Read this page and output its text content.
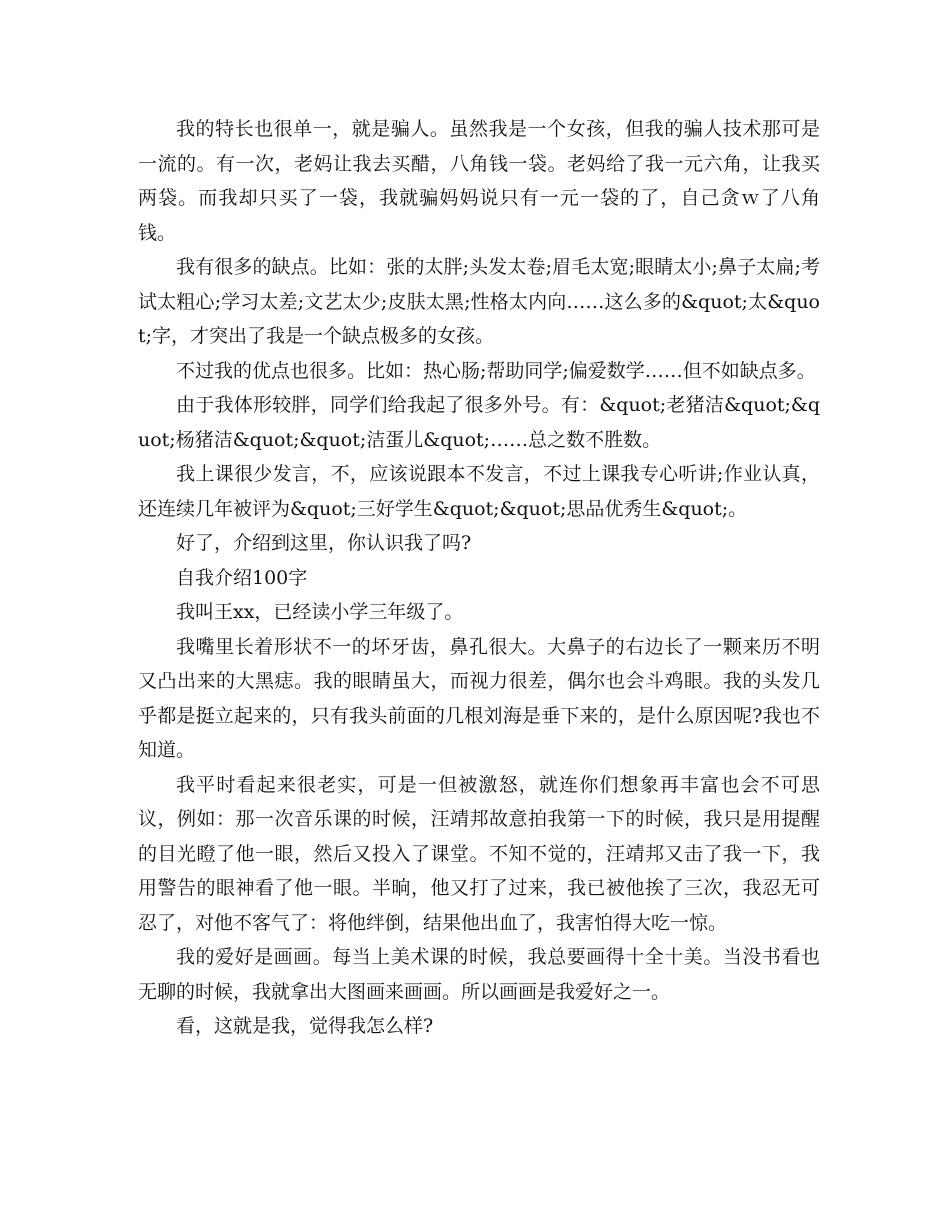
我的特长也很单一，就是骗人。虽然我是一个女孩，但我的骗人技术那可是一流的。有一次，老妈让我去买醋，八角钱一袋。老妈给了我一元六角，让我买两袋。而我却只买了一袋，我就骗妈妈说只有一元一袋的了，自己贪ｗ了八角钱。

我有很多的缺点。比如：张的太胖;头发太卷;眉毛太宽;眼睛太小;鼻子太扁;考试太粗心;学习太差;文艺太少;皮肤太黑;性格太内向……这么多的&quot;太&quot;字，才突出了我是一个缺点极多的女孩。

不过我的优点也很多。比如：热心肠;帮助同学;偏爱数学……但不如缺点多。

由于我体形较胖，同学们给我起了很多外号。有：&quot;老猪洁&quot;&quot;杨猪洁&quot;&quot;洁蛋儿&quot;……总之数不胜数。

我上课很少发言，不，应该说跟本不发言，不过上课我专心听讲;作业认真，还连续几年被评为&quot;三好学生&quot;&quot;思品优秀生&quot;。

好了，介绍到这里，你认识我了吗?

自我介绍100字

我叫王xx，已经读小学三年级了。

我嘴里长着形状不一的坏牙齿，鼻孔很大。大鼻子的右边长了一颗来历不明又凸出来的大黑痣。我的眼睛虽大，而视力很差，偶尔也会斗鸡眼。我的头发几乎都是挺立起来的，只有我头前面的几根刘海是垂下来的，是什么原因呢?我也不知道。

我平时看起来很老实，可是一但被激怒，就连你们想象再丰富也会不可思议，例如：那一次音乐课的时候，汪靖邦故意拍我第一下的时候，我只是用提醒的目光瞪了他一眼，然后又投入了课堂。不知不觉的，汪靖邦又击了我一下，我用警告的眼神看了他一眼。半晌，他又打了过来，我已被他挨了三次，我忍无可忍了，对他不客气了：将他绊倒，结果他出血了，我害怕得大吃一惊。

我的爱好是画画。每当上美术课的时候，我总要画得十全十美。当没书看也无聊的时候，我就拿出大图画来画画。所以画画是我爱好之一。

看，这就是我，觉得我怎么样?
